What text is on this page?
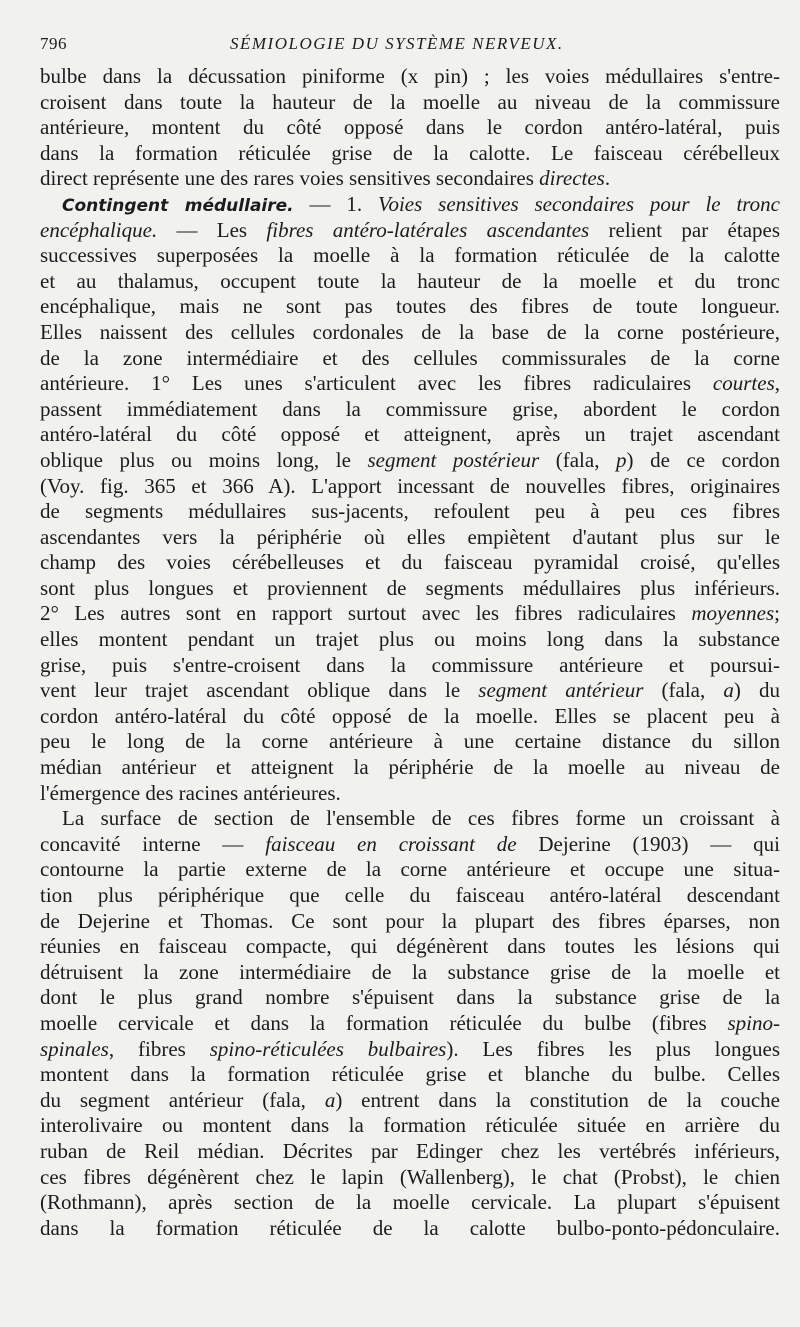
796	SÉMIOLOGIE DU SYSTÈME NERVEUX.
bulbe dans la décussation piniforme (x pin) ; les voies médullaires s'entre-
croisent dans toute la hauteur de la moelle au niveau de la commissure
antérieure, montent du côté opposé dans le cordon antéro-latéral, puis
dans la formation réticulée grise de la calotte. Le faisceau cérébelleux
direct représente une des rares voies sensitives secondaires directes.
Contingent médullaire. — 1. Voies sensitives secondaires pour le tronc
encéphalique. — Les fibres antéro-latérales ascendantes relient par étapes
successives superposées la moelle à la formation réticulée de la calotte
et au thalamus, occupent toute la hauteur de la moelle et du tronc
encéphalique, mais ne sont pas toutes des fibres de toute longueur.
Elles naissent des cellules cordonales de la base de la corne postérieure,
de la zone intermédiaire et des cellules commissurales de la corne
antérieure. 1° Les unes s'articulent avec les fibres radiculaires courtes,
passent immédiatement dans la commissure grise, abordent le cordon
antéro-latéral du côté opposé et atteignent, après un trajet ascendant
oblique plus ou moins long, le segment postérieur (fala, p) de ce cordon
(Voy. fig. 365 et 366 A). L'apport incessant de nouvelles fibres, originaires
de segments médullaires sus-jacents, refoulent peu à peu ces fibres
ascendantes vers la périphérie où elles empiètent d'autant plus sur le
champ des voies cérébelleuses et du faisceau pyramidal croisé, qu'elles
sont plus longues et proviennent de segments médullaires plus inférieurs.
2° Les autres sont en rapport surtout avec les fibres radiculaires moyennes;
elles montent pendant un trajet plus ou moins long dans la substance
grise, puis s'entre-croisent dans la commissure antérieure et poursui-
vent leur trajet ascendant oblique dans le segment antérieur (fala, a) du
cordon antéro-latéral du côté opposé de la moelle. Elles se placent peu à
peu le long de la corne antérieure à une certaine distance du sillon
médian antérieur et atteignent la périphérie de la moelle au niveau de
l'émergence des racines antérieures.
La surface de section de l'ensemble de ces fibres forme un croissant à
concavité interne — faisceau en croissant de Dejerine (1903) — qui
contourne la partie externe de la corne antérieure et occupe une situa-
tion plus périphérique que celle du faisceau antéro-latéral descendant
de Dejerine et Thomas. Ce sont pour la plupart des fibres éparses, non
réunies en faisceau compacte, qui dégénèrent dans toutes les lésions qui
détruisent la zone intermédiaire de la substance grise de la moelle et
dont le plus grand nombre s'épuisent dans la substance grise de la
moelle cervicale et dans la formation réticulée du bulbe (fibres spino-
spinales, fibres spino-réticulées bulbaires). Les fibres les plus longues
montent dans la formation réticulée grise et blanche du bulbe. Celles
du segment antérieur (fala, a) entrent dans la constitution de la couche
interolivaire ou montent dans la formation réticulée située en arrière du
ruban de Reil médian. Décrites par Edinger chez les vertébrés inférieurs,
ces fibres dégénèrent chez le lapin (Wallenberg), le chat (Probst), le chien
(Rothmann), après section de la moelle cervicale. La plupart s'épuisent
dans la formation réticulée de la calotte bulbo-ponto-pédonculaire.
